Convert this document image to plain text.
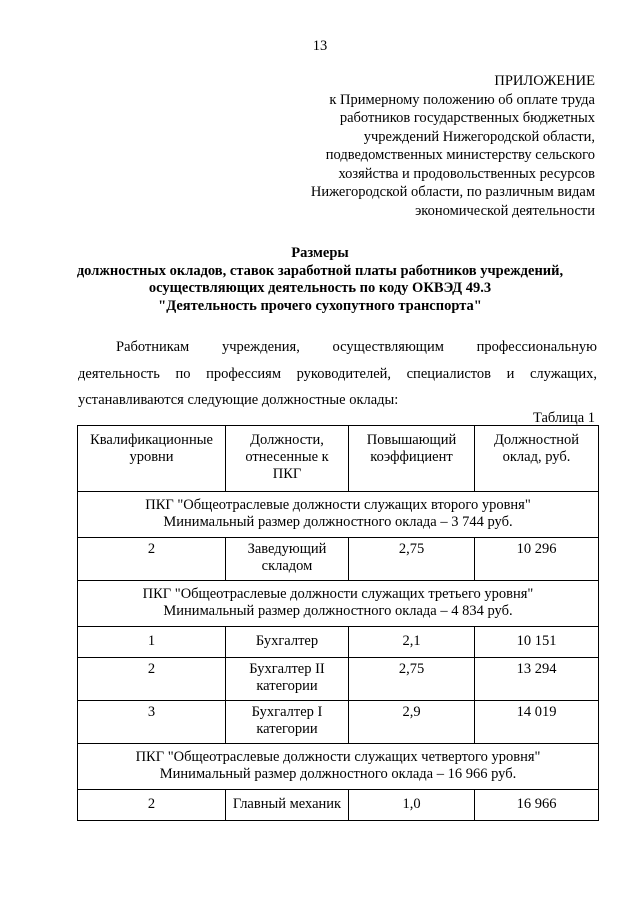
13
ПРИЛОЖЕНИЕ
к Примерному положению об оплате труда
работников государственных бюджетных
учреждений Нижегородской области,
подведомственных министерству сельского
хозяйства и продовольственных ресурсов
Нижегородской области, по различным видам
экономической деятельности
Размеры
должностных окладов, ставок заработной платы работников учреждений,
осуществляющих деятельность по коду ОКВЭД 49.3
"Деятельность прочего сухопутного транспорта"
Работникам учреждения, осуществляющим профессиональную
деятельность по профессиям руководителей, специалистов и служащих,
устанавливаются следующие должностные оклады:
Таблица 1
Квалификационные уровни	Должности, отнесенные к ПКГ	Повышающий коэффициент	Должностной оклад, руб.

ПКГ "Общеотраслевые должности служащих второго уровня"
Минимальный размер должностного оклада – 3 744 руб.			

2	Заведующий складом	2,75	10 296

ПКГ "Общеотраслевые должности служащих третьего уровня"
Минимальный размер должностного оклада – 4 834 руб.			

1	Бухгалтер	2,1	10 151
2	Бухгалтер II категории	2,75	13 294
3	Бухгалтер I категории	2,9	14 019

ПКГ "Общеотраслевые должности служащих четвертого уровня"
Минимальный размер должностного оклада – 16 966 руб.			

2	Главный механик	1,0	16 966
